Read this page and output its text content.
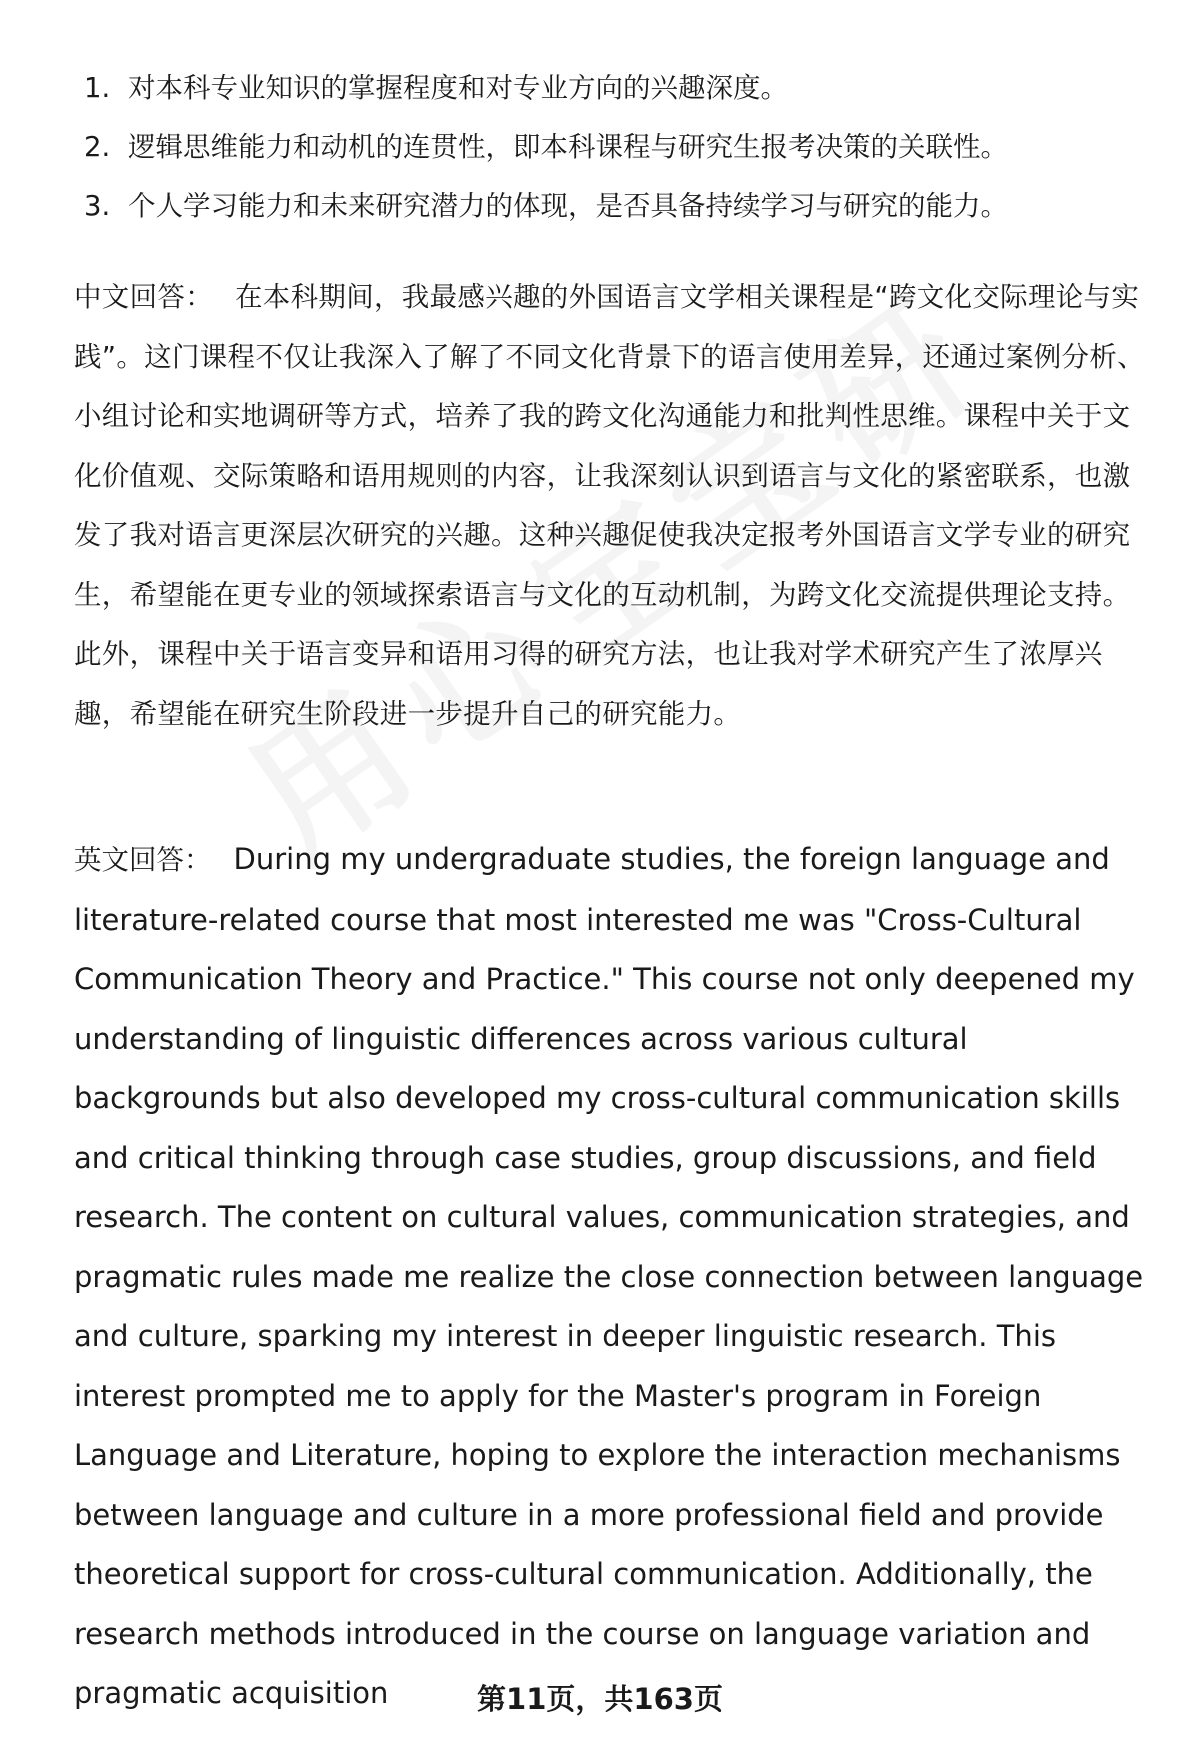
1. 对本科专业知识的掌握程度和对专业方向的兴趣深度。
2. 逻辑思维能力和动机的连贯性，即本科课程与研究生报考决策的关联性。
3. 个人学习能力和未来研究潜力的体现，是否具备持续学习与研究的能力。

中文回答： 在本科期间，我最感兴趣的外国语言文学相关课程是“跨文化交际理论与实践”。这门课程不仅让我深入了解了不同文化背景下的语言使用差异，还通过案例分析、小组讨论和实地调研等方式，培养了我的跨文化沟通能力和批判性思维。课程中关于文化价值观、交际策略和语用规则的内容，让我深刻认识到语言与文化的紧密联系，也激发了我对语言更深层次研究的兴趣。这种兴趣促使我决定报考外国语言文学专业的研究生，希望能在更专业的领域探索语言与文化的互动机制，为跨文化交流提供理论支持。此外，课程中关于语言变异和语用习得的研究方法，也让我对学术研究产生了浓厚兴趣，希望能在研究生阶段进一步提升自己的研究能力。

英文回答： During my undergraduate studies, the foreign language and literature-related course that most interested me was "Cross-Cultural Communication Theory and Practice." This course not only deepened my understanding of linguistic differences across various cultural backgrounds but also developed my cross-cultural communication skills and critical thinking through case studies, group discussions, and field research. The content on cultural values, communication strategies, and pragmatic rules made me realize the close connection between language and culture, sparking my interest in deeper linguistic research. This interest prompted me to apply for the Master's program in Foreign Language and Literature, hoping to explore the interaction mechanisms between language and culture in a more professional field and provide theoretical support for cross-cultural communication. Additionally, the research methods introduced in the course on language variation and pragmatic acquisition	第11页，共163页
